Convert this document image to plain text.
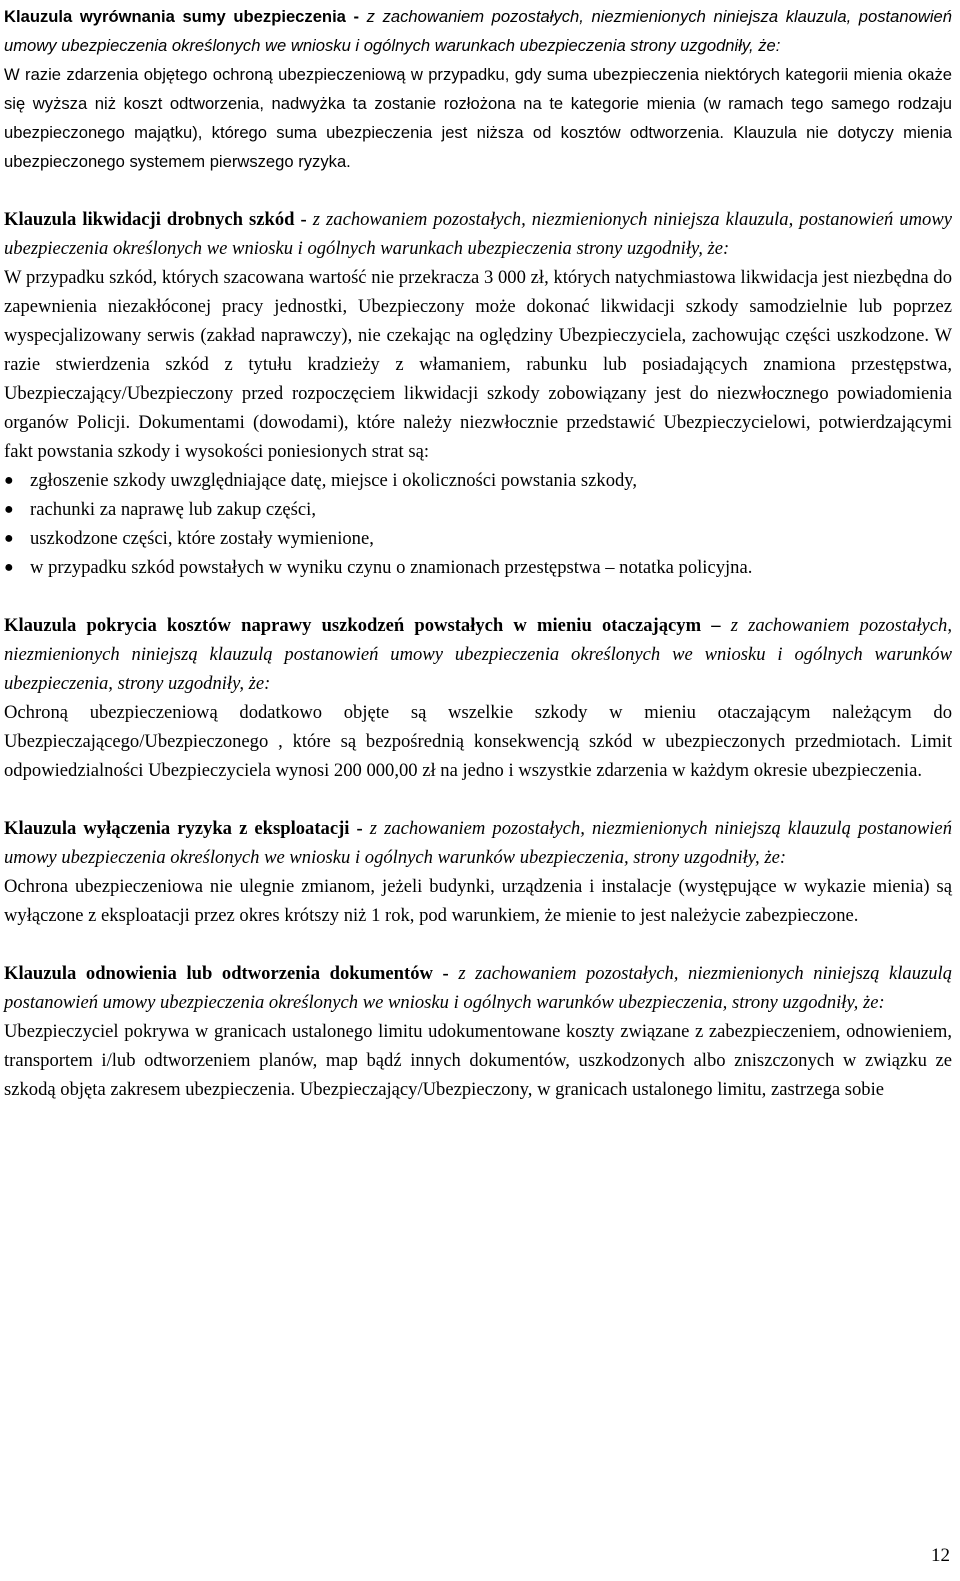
Klauzula wyrównania sumy ubezpieczenia - z zachowaniem pozostałych, niezmienionych niniejsza klauzula, postanowień umowy ubezpieczenia określonych we wniosku i ogólnych warunkach ubezpieczenia strony uzgodniły, że:

W razie zdarzenia objętego ochroną ubezpieczeniową w przypadku, gdy suma ubezpieczenia niektórych kategorii mienia okaże się wyższa niż koszt odtworzenia, nadwyżka ta zostanie rozłożona na te kategorie mienia (w ramach tego samego rodzaju ubezpieczonego majątku), którego suma ubezpieczenia jest niższa od kosztów odtworzenia. Klauzula nie dotyczy mienia ubezpieczonego systemem pierwszego ryzyka.

Klauzula likwidacji drobnych szkód - z zachowaniem pozostałych, niezmienionych niniejsza klauzula, postanowień umowy ubezpieczenia określonych we wniosku i ogólnych warunkach ubezpieczenia strony uzgodniły, że:

W przypadku szkód, których szacowana wartość nie przekracza 3 000 zł, których natychmiastowa likwidacja jest niezbędna do zapewnienia niezakłóconej pracy jednostki, Ubezpieczony może dokonać likwidacji szkody samodzielnie lub poprzez wyspecjalizowany serwis (zakład naprawczy), nie czekając na oględziny Ubezpieczyciela, zachowując części uszkodzone. W razie stwierdzenia szkód z tytułu kradzieży z włamaniem, rabunku lub posiadających znamiona przestępstwa, Ubezpieczający/Ubezpieczony przed rozpoczęciem likwidacji szkody zobowiązany jest do niezwłocznego powiadomienia organów Policji. Dokumentami (dowodami), które należy niezwłocznie przedstawić Ubezpieczycielowi, potwierdzającymi fakt powstania szkody i wysokości poniesionych strat są:

● zgłoszenie szkody uwzględniające datę, miejsce i okoliczności powstania szkody,
● rachunki za naprawę lub zakup części,
● uszkodzone części, które zostały wymienione,
● w przypadku szkód powstałych w wyniku czynu o znamionach przestępstwa – notatka policyjna.

Klauzula pokrycia kosztów naprawy uszkodzeń powstałych w mieniu otaczającym – z zachowaniem pozostałych, niezmienionych niniejszą klauzulą postanowień umowy ubezpieczenia określonych we wniosku i ogólnych warunków ubezpieczenia, strony uzgodniły, że:

Ochroną ubezpieczeniową dodatkowo objęte są wszelkie szkody w mieniu otaczającym należącym do Ubezpieczającego/Ubezpieczonego , które są bezpośrednią konsekwencją szkód w ubezpieczonych przedmiotach. Limit odpowiedzialności Ubezpieczyciela wynosi 200 000,00 zł na jedno i wszystkie zdarzenia w każdym okresie ubezpieczenia.

Klauzula wyłączenia ryzyka z eksploatacji - z zachowaniem pozostałych, niezmienionych niniejszą klauzulą postanowień umowy ubezpieczenia określonych we wniosku i ogólnych warunków ubezpieczenia, strony uzgodniły, że:

Ochrona ubezpieczeniowa nie ulegnie zmianom, jeżeli budynki, urządzenia i instalacje (występujące w wykazie mienia) są wyłączone z eksploatacji przez okres krótszy niż 1 rok, pod warunkiem, że mienie to jest należycie zabezpieczone.

Klauzula odnowienia lub odtworzenia dokumentów - z zachowaniem pozostałych, niezmienionych niniejszą klauzulą postanowień umowy ubezpieczenia określonych we wniosku i ogólnych warunków ubezpieczenia, strony uzgodniły, że:

Ubezpieczyciel pokrywa w granicach ustalonego limitu udokumentowane koszty związane z zabezpieczeniem, odnowieniem, transportem i/lub odtworzeniem planów, map bądź innych dokumentów, uszkodzonych albo zniszczonych w związku ze szkodą objęta zakresem ubezpieczenia. Ubezpieczający/Ubezpieczony, w granicach ustalonego limitu, zastrzega sobie

12
